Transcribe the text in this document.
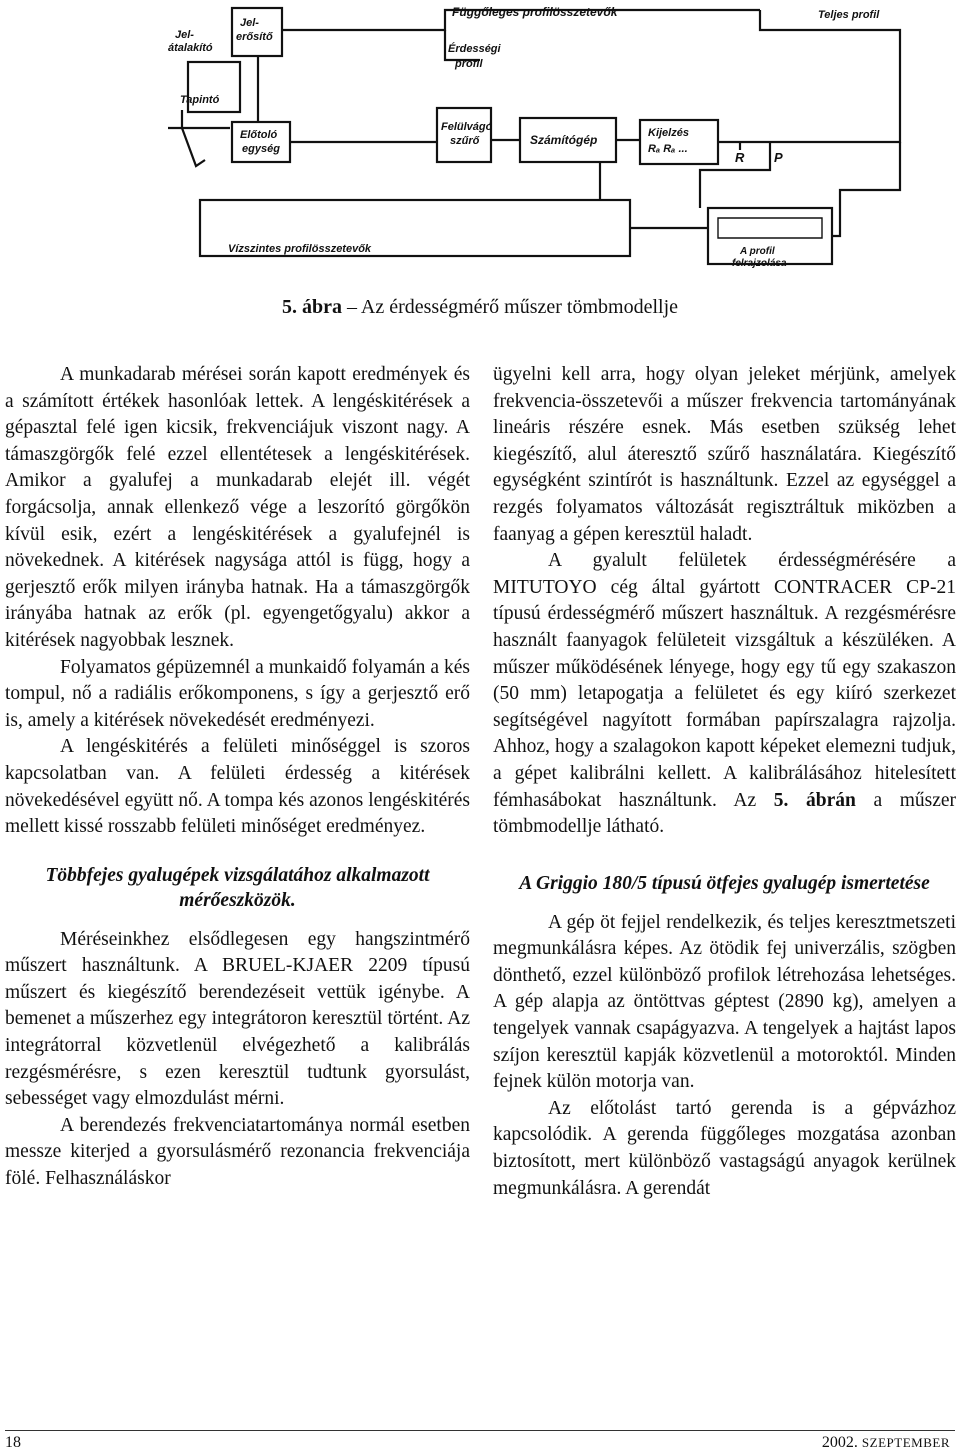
Jel-
átalakító
Jel-
erősítő
Függőleges profilösszetevők	Teljes profil
Érdességi
profil
Tapintó
Előtoló
egység
Felülvágó
szűrő	Számítógép	Kijelzés
Rₐ Rₐ ...
R P
Vízszintes profilösszetevők	A profil
felrajzolása
5. ábra – Az érdességmérő műszer tömbmodellje

A munkadarab mérései során kapott eredmények és a számított értékek hasonlóak lettek. A lengéskitérések a gépasztal felé igen kicsik, frekvenciájuk viszont nagy. A támaszgörgők felé ezzel ellentétesek a lengéskitérések. Amikor a gyalufej a munkadarab elejét ill. végét forgácsolja, annak ellenkező vége a leszorító görgőkön kívül esik, ezért a lengéskitérések a gyalufejnél is növekednek. A kitérések nagysága attól is függ, hogy a gerjesztő erők milyen irányba hatnak. Ha a támaszgörgők irányába hatnak az erők (pl. egyengetőgyalu) akkor a kitérések nagyobbak lesznek.

Folyamatos gépüzemnél a munkaidő folyamán a kés tompul, nő a radiális erőkomponens, s így a gerjesztő erő is, amely a kitérések növekedését eredményezi.

A lengéskitérés a felületi minőséggel is szoros kapcsolatban van. A felületi érdesség a kitérések növekedésével együtt nő. A tompa kés azonos lengéskitérés mellett kissé rosszabb felületi minőséget eredményez.

Többfejes gyalugépek vizsgálatához alkalmazott mérőeszközök.

Méréseinkhez elsődlegesen egy hangszintmérő műszert használtunk. A BRUEL-KJAER 2209 típusú műszert és kiegészítő berendezéseit vettük igénybe. A bemenet a műszerhez egy integrátoron keresztül történt. Az integrátorral közvetlenül elvégezhető a kalibrálás rezgésmérésre, s ezen keresztül tudtunk gyorsulást, sebességet vagy elmozdulást mérni.

A berendezés frekvenciatartománya normál esetben messze kiterjed a gyorsulásmérő rezonancia frekvenciája fölé. Felhasználáskor

ügyelni kell arra, hogy olyan jeleket mérjünk, amelyek frekvencia-összetevői a műszer frekvencia tartományának lineáris részére esnek. Más esetben szükség lehet kiegészítő, alul áteresztő szűrő használatára. Kiegészítő egységként szintírót is használtunk. Ezzel az egységgel a rezgés folyamatos változását regisztráltuk miközben a faanyag a gépen keresztül haladt.

A gyalult felületek érdességmérésére a MITUTOYO cég által gyártott CONTRACER CP-21 típusú érdességmérő műszert használtuk. A rezgésmérésre használt faanyagok felületeit vizsgáltuk a készüléken. A műszer működésének lényege, hogy egy tű egy szakaszon (50 mm) letapogatja a felületet és egy kiíró szerkezet segítségével nagyított formában papírszalagra rajzolja. Ahhoz, hogy a szalagokon kapott képeket elemezni tudjuk, a gépet kalibrálni kellett. A kalibrálásához hitelesített fémhasábokat használtunk. Az 5. ábrán a műszer tömbmodellje látható.

A Griggio 180/5 típusú ötfejes gyalugép ismertetése

A gép öt fejjel rendelkezik, és teljes keresztmetszeti megmunkálásra képes. Az ötödik fej univerzális, szögben dönthető, ezzel különböző profilok létrehozása lehetséges. A gép alapja az öntöttvas géptest (2890 kg), amelyen a tengelyek vannak csapágyazva. A tengelyek a hajtást lapos szíjon keresztül kapják közvetlenül a motoroktól. Minden fejnek külön motorja van.

Az előtolást tartó gerenda is a gépvázhoz kapcsolódik. A gerenda függőleges mozgatása azonban biztosított, mert különböző vastagságú anyagok kerülnek megmunkálásra. A gerendát

18	2002. SZEPTEMBER
